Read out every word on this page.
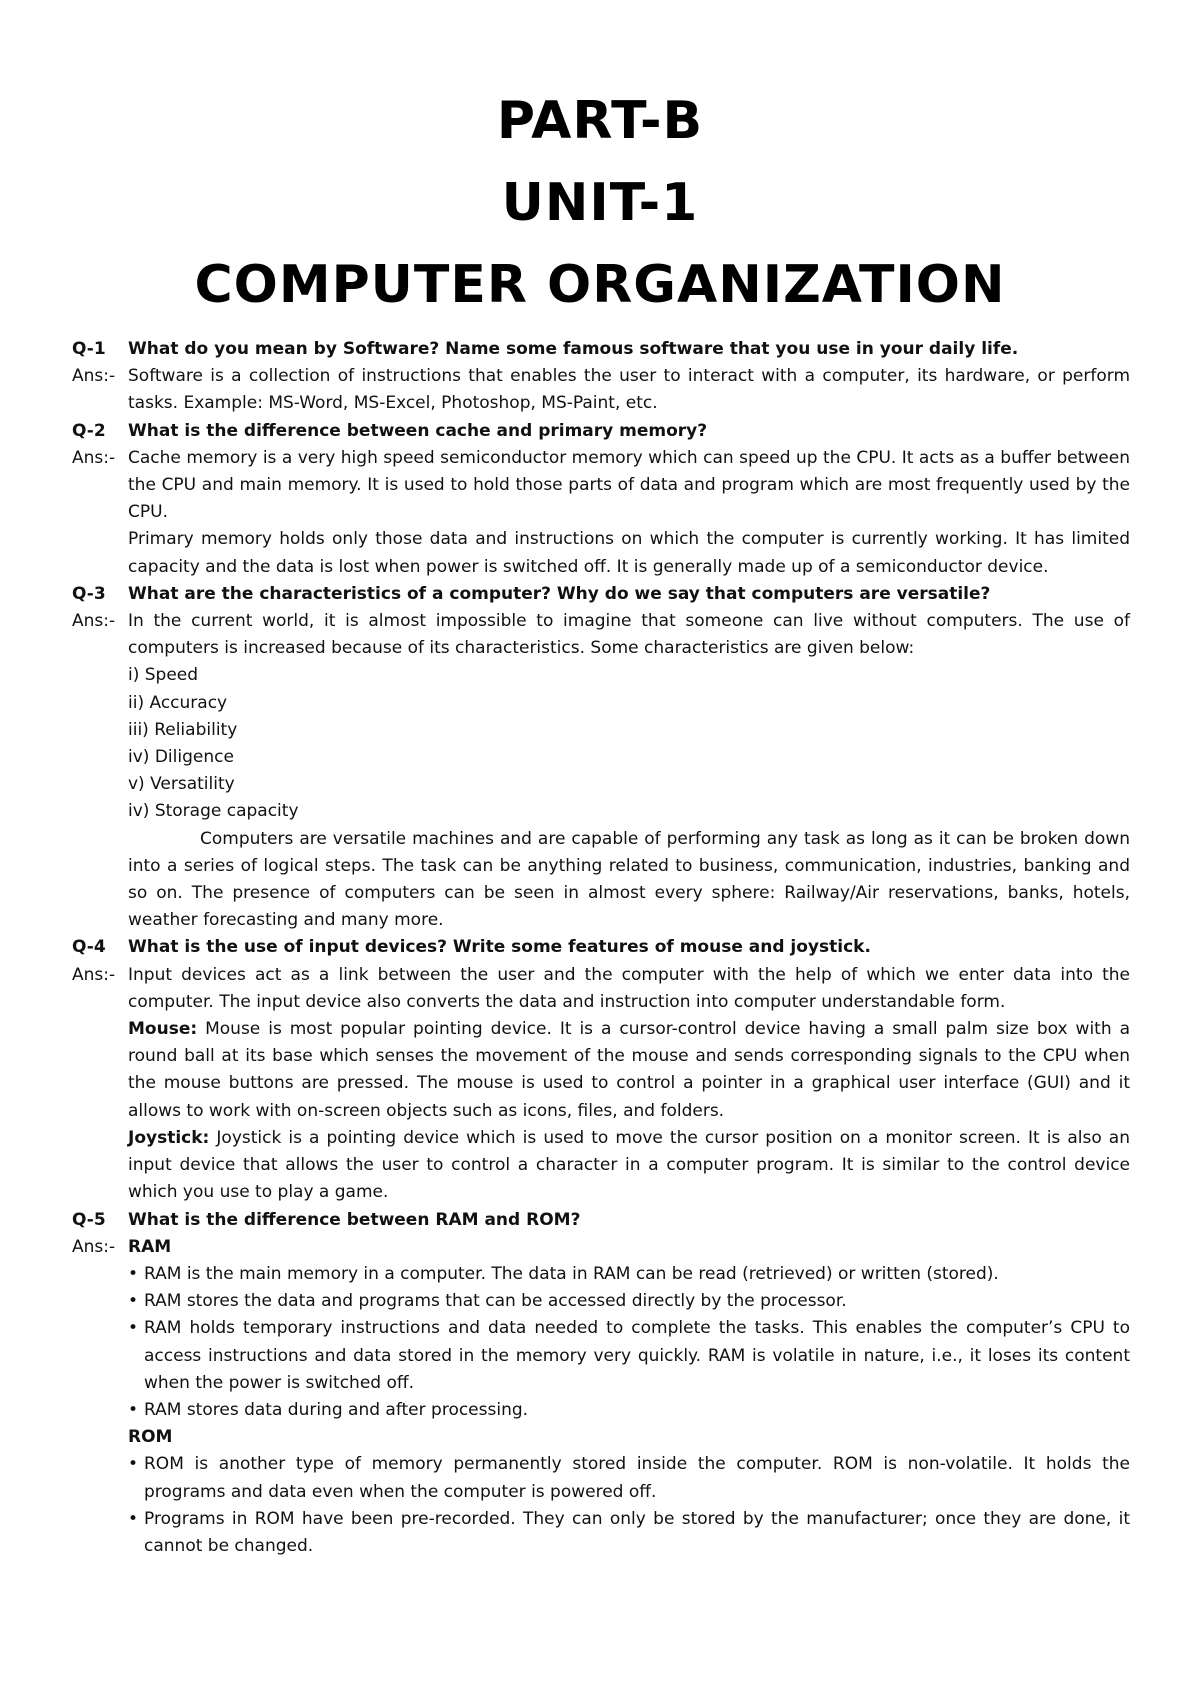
PART-B
UNIT-1
COMPUTER ORGANIZATION
Q-1	What do you mean by Software? Name some famous software that you use in your daily life.
Ans:- Software is a collection of instructions that enables the user to interact with a computer, its hardware, or perform tasks. Example: MS-Word, MS-Excel, Photoshop, MS-Paint, etc.
Q-2	What is the difference between cache and primary memory?
Ans:- Cache memory is a very high speed semiconductor memory which can speed up the CPU. It acts as a buffer between the CPU and main memory. It is used to hold those parts of data and program which are most frequently used by the CPU.
Primary memory holds only those data and instructions on which the computer is currently working. It has limited capacity and the data is lost when power is switched off. It is generally made up of a semiconductor device.
Q-3	What are the characteristics of a computer? Why do we say that computers are versatile?
Ans:- In the current world, it is almost impossible to imagine that someone can live without computers. The use of computers is increased because of its characteristics. Some characteristics are given below:
i) Speed
ii) Accuracy
iii) Reliability
iv) Diligence
v) Versatility
iv) Storage capacity
Computers are versatile machines and are capable of performing any task as long as it can be broken down into a series of logical steps. The task can be anything related to business, communication, industries, banking and so on. The presence of computers can be seen in almost every sphere: Railway/Air reservations, banks, hotels, weather forecasting and many more.
Q-4	What is the use of input devices? Write some features of mouse and joystick.
Ans:- Input devices act as a link between the user and the computer with the help of which we enter data into the computer. The input device also converts the data and instruction into computer understandable form.
Mouse: Mouse is most popular pointing device. It is a cursor-control device having a small palm size box with a round ball at its base which senses the movement of the mouse and sends corresponding signals to the CPU when the mouse buttons are pressed. The mouse is used to control a pointer in a graphical user interface (GUI) and it allows to work with on-screen objects such as icons, files, and folders.
Joystick: Joystick is a pointing device which is used to move the cursor position on a monitor screen. It is also an input device that allows the user to control a character in a computer program. It is similar to the control device which you use to play a game.
Q-5	What is the difference between RAM and ROM?
Ans:- RAM
• RAM is the main memory in a computer. The data in RAM can be read (retrieved) or written (stored).
• RAM stores the data and programs that can be accessed directly by the processor.
• RAM holds temporary instructions and data needed to complete the tasks. This enables the computer’s CPU to access instructions and data stored in the memory very quickly. RAM is volatile in nature, i.e., it loses its content when the power is switched off.
• RAM stores data during and after processing.
ROM
• ROM is another type of memory permanently stored inside the computer. ROM is non-volatile. It holds the programs and data even when the computer is powered off.
• Programs in ROM have been pre-recorded. They can only be stored by the manufacturer; once they are done, it cannot be changed.
